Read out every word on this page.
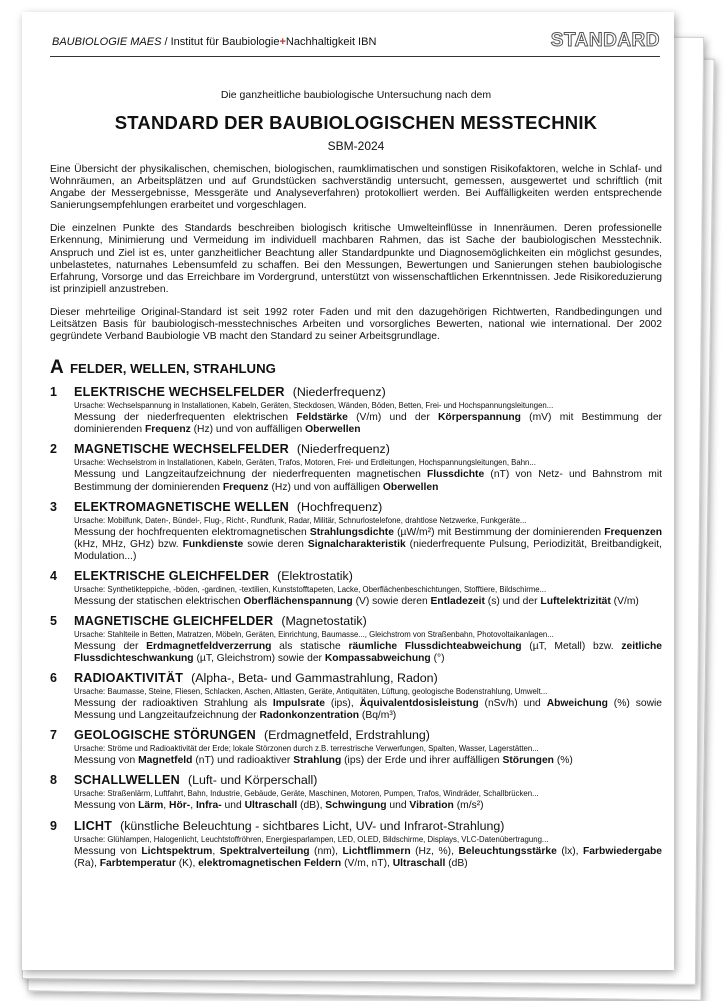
BAUBIOLOGIE MAES / Institut für Baubiologie+Nachhaltigkeit IBN	STANDARD
Die ganzheitliche baubiologische Untersuchung nach dem
STANDARD DER BAUBIOLOGISCHEN MESSTECHNIK
SBM-2024

Eine Übersicht der physikalischen, chemischen, biologischen, raumklimatischen und sonstigen Risikofaktoren, welche in Schlaf- und Wohnräumen, an Arbeitsplätzen und auf Grundstücken sachverständig untersucht, gemessen, ausgewertet und schriftlich (mit Angabe der Messergebnisse, Messgeräte und Analyseverfahren) protokolliert werden. Bei Auffälligkeiten werden entsprechende Sanierungsempfehlungen erarbeitet und vorgeschlagen.

Die einzelnen Punkte des Standards beschreiben biologisch kritische Umwelteinflüsse in Innenräumen. Deren professionelle Erkennung, Minimierung und Vermeidung im individuell machbaren Rahmen, das ist Sache der baubiologischen Messtechnik. Anspruch und Ziel ist es, unter ganzheitlicher Beachtung aller Standardpunkte und Diagnosemöglichkeiten ein möglichst gesundes, unbelastetes, naturnahes Lebensumfeld zu schaffen. Bei den Messungen, Bewertungen und Sanierungen stehen baubiologische Erfahrung, Vorsorge und das Erreichbare im Vordergrund, unterstützt von wissenschaftlichen Erkenntnissen. Jede Risikoreduzierung ist prinzipiell anzustreben.

Dieser mehrteilige Original-Standard ist seit 1992 roter Faden und mit den dazugehörigen Richtwerten, Randbedingungen und Leitsätzen Basis für baubiologisch-messtechnisches Arbeiten und vorsorgliches Bewerten, national wie international. Der 2002 gegründete Verband Baubiologie VB macht den Standard zu seiner Arbeitsgrundlage.

A FELDER, WELLEN, STRAHLUNG
1	ELEKTRISCHE WECHSELFELDER (Niederfrequenz)
Ursache: Wechselspannung in Installationen, Kabeln, Geräten, Steckdosen, Wänden, Böden, Betten, Frei- und Hochspannungsleitungen...
Messung der niederfrequenten elektrischen Feldstärke (V/m) und der Körperspannung (mV) mit Bestimmung der dominierenden Frequenz (Hz) und von auffälligen Oberwellen
2	MAGNETISCHE WECHSELFELDER (Niederfrequenz)
Ursache: Wechselstrom in Installationen, Kabeln, Geräten, Trafos, Motoren, Frei- und Erdleitungen, Hochspannungsleitungen, Bahn...
Messung und Langzeitaufzeichnung der niederfrequenten magnetischen Flussdichte (nT) von Netz- und Bahnstrom mit Bestimmung der dominierenden Frequenz (Hz) und von auffälligen Oberwellen
3	ELEKTROMAGNETISCHE WELLEN (Hochfrequenz)
Ursache: Mobilfunk, Daten-, Bündel-, Flug-, Richt-, Rundfunk, Radar, Militär, Schnurlostelefone, drahtlose Netzwerke, Funkgeräte...
Messung der hochfrequenten elektromagnetischen Strahlungsdichte (µW/m²) mit Bestimmung der dominierenden Frequenzen (kHz, MHz, GHz) bzw. Funkdienste sowie deren Signalcharakteristik (niederfrequente Pulsung, Periodizität, Breitbandigkeit, Modulation...)
4	ELEKTRISCHE GLEICHFELDER (Elektrostatik)
Ursache: Synthetikteppiche, -böden, -gardinen, -textilien, Kunststofftapeten, Lacke, Oberflächenbeschichtungen, Stofftiere, Bildschirme...
Messung der statischen elektrischen Oberflächenspannung (V) sowie deren Entladezeit (s) und der Luftelektrizität (V/m)
5	MAGNETISCHE GLEICHFELDER (Magnetostatik)
Ursache: Stahlteile in Betten, Matratzen, Möbeln, Geräten, Einrichtung, Baumasse..., Gleichstrom von Straßenbahn, Photovoltaikanlagen...
Messung der Erdmagnetfeldverzerrung als statische räumliche Flussdichteabweichung (µT, Metall) bzw. zeitliche Flussdichteschwankung (µT, Gleichstrom) sowie der Kompassabweichung (°)
6	RADIOAKTIVITÄT (Alpha-, Beta- und Gammastrahlung, Radon)
Ursache: Baumasse, Steine, Fliesen, Schlacken, Aschen, Altlasten, Geräte, Antiquitäten, Lüftung, geologische Bodenstrahlung, Umwelt...
Messung der radioaktiven Strahlung als Impulsrate (ips), Äquivalentdosisleistung (nSv/h) und Abweichung (%) sowie Messung und Langzeitaufzeichnung der Radonkonzentration (Bq/m³)
7	GEOLOGISCHE STÖRUNGEN (Erdmagnetfeld, Erdstrahlung)
Ursache: Ströme und Radioaktivität der Erde; lokale Störzonen durch z.B. terrestrische Verwerfungen, Spalten, Wasser, Lagerstätten...
Messung von Magnetfeld (nT) und radioaktiver Strahlung (ips) der Erde und ihrer auffälligen Störungen (%)
8	SCHALLWELLEN (Luft- und Körperschall)
Ursache: Straßenlärm, Luftfahrt, Bahn, Industrie, Gebäude, Geräte, Maschinen, Motoren, Pumpen, Trafos, Windräder, Schallbrücken...
Messung von Lärm, Hör-, Infra- und Ultraschall (dB), Schwingung und Vibration (m/s²)
9	LICHT (künstliche Beleuchtung - sichtbares Licht, UV- und Infrarot-Strahlung)
Ursache: Glühlampen, Halogenlicht, Leuchtstoffröhren, Energiesparlampen, LED, OLED, Bildschirme, Displays, VLC-Datenübertragung...
Messung von Lichtspektrum, Spektralverteilung (nm), Lichtflimmern (Hz, %), Beleuchtungsstärke (lx), Farbwiedergabe (Ra), Farbtemperatur (K), elektromagnetischen Feldern (V/m, nT), Ultraschall (dB)
